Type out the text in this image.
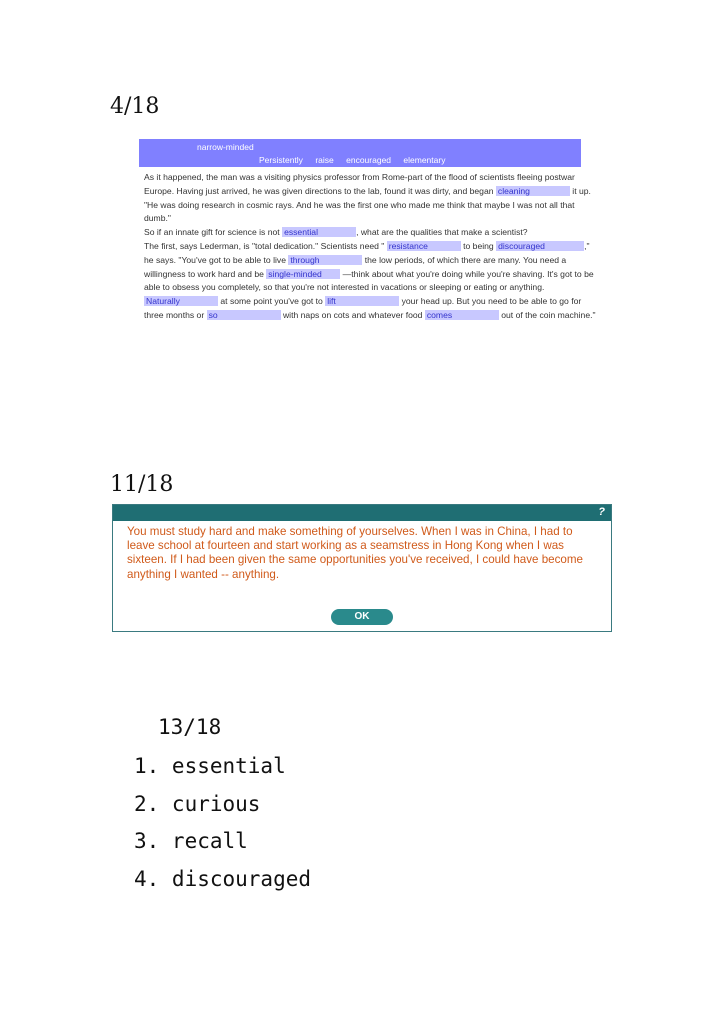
4/18
narrow-minded
Persistently raise encouraged elementary

As it happened, the man was a visiting physics professor from Rome-part of the flood of scientists fleeing postwar Europe. Having just arrived, he was given directions to the lab, found it was dirty, and began cleaning	it up. "He was doing research in cosmic rays. And he was the first one who made me think that maybe I was not all that dumb."

So if an innate gift for science is not essential	, what are the qualities that make a scientist?

The first, says Lederman, is "total dedication." Scientists need " resistance	to being discouraged	," he says. "You've got to be able to live through	the low periods, of which there are many. You need a willingness to work hard and be single-minded —think about what you're doing while you're shaving. It's got to be able to obsess you completely, so that you're not interested in vacations or sleeping or eating or anything. Naturally	at some point you've got to lift	your head up. But you need to be able to go for three months or so	with naps on cots and whatever food comes	out of the coin machine."

11/18
?

You must study hard and make something of yourselves. When I was in China, I had to leave school at fourteen and start working as a seamstress in Hong Kong when I was sixteen. If I had been given the same opportunities you've received, I could have become anything I wanted -- anything.

OK
13/18
1. essential
2. curious
3. recall
4. discouraged
